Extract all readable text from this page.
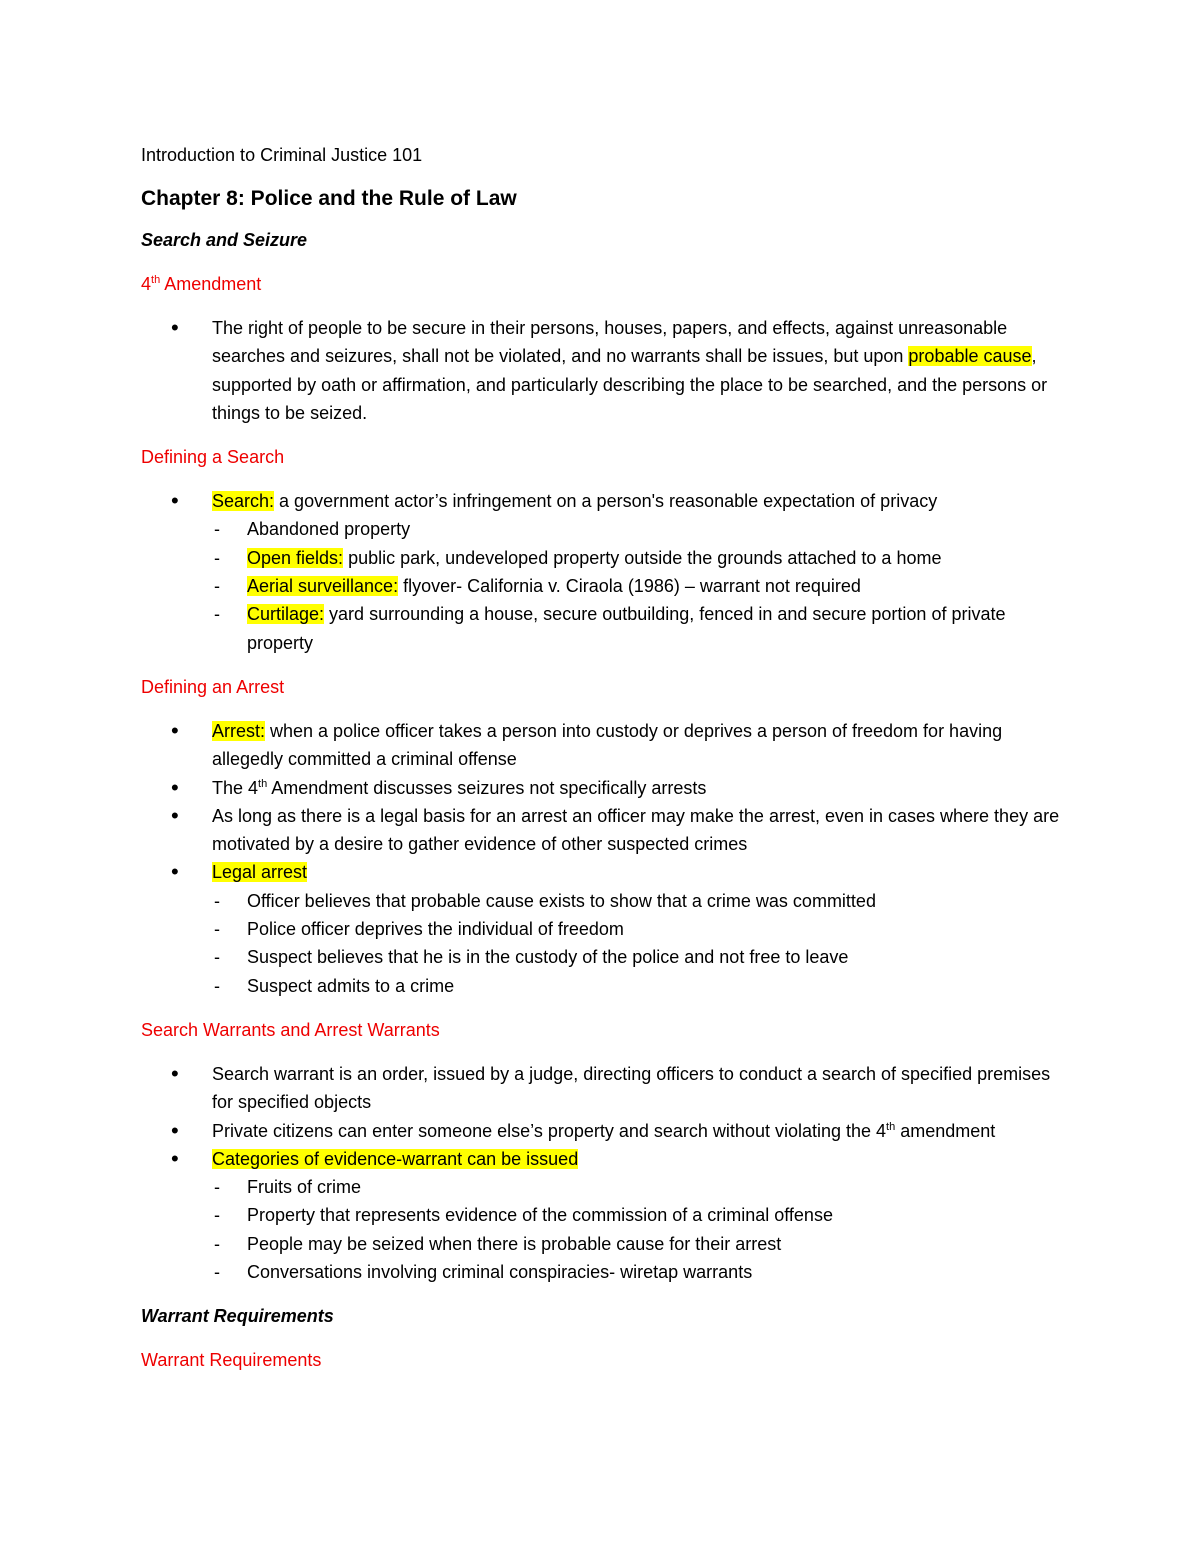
Introduction to Criminal Justice 101

Chapter 8: Police and the Rule of Law

Search and Seizure

4th Amendment

• The right of people to be secure in their persons, houses, papers, and effects, against unreasonable searches and seizures, shall not be violated, and no warrants shall be issues, but upon probable cause, supported by oath or affirmation, and particularly describing the place to be searched, and the persons or things to be seized.

Defining a Search

• Search: a government actor’s infringement on a person's reasonable expectation of privacy
- Abandoned property
- Open fields: public park, undeveloped property outside the grounds attached to a home
- Aerial surveillance: flyover- California v. Ciraola (1986) – warrant not required
- Curtilage: yard surrounding a house, secure outbuilding, fenced in and secure portion of private property

Defining an Arrest

• Arrest: when a police officer takes a person into custody or deprives a person of freedom for having allegedly committed a criminal offense
• The 4th Amendment discusses seizures not specifically arrests
• As long as there is a legal basis for an arrest an officer may make the arrest, even in cases where they are motivated by a desire to gather evidence of other suspected crimes
• Legal arrest
- Officer believes that probable cause exists to show that a crime was committed
- Police officer deprives the individual of freedom
- Suspect believes that he is in the custody of the police and not free to leave
- Suspect admits to a crime

Search Warrants and Arrest Warrants

• Search warrant is an order, issued by a judge, directing officers to conduct a search of specified premises for specified objects
• Private citizens can enter someone else’s property and search without violating the 4th amendment
• Categories of evidence-warrant can be issued
- Fruits of crime
- Property that represents evidence of the commission of a criminal offense
- People may be seized when there is probable cause for their arrest
- Conversations involving criminal conspiracies- wiretap warrants

Warrant Requirements

Warrant Requirements
